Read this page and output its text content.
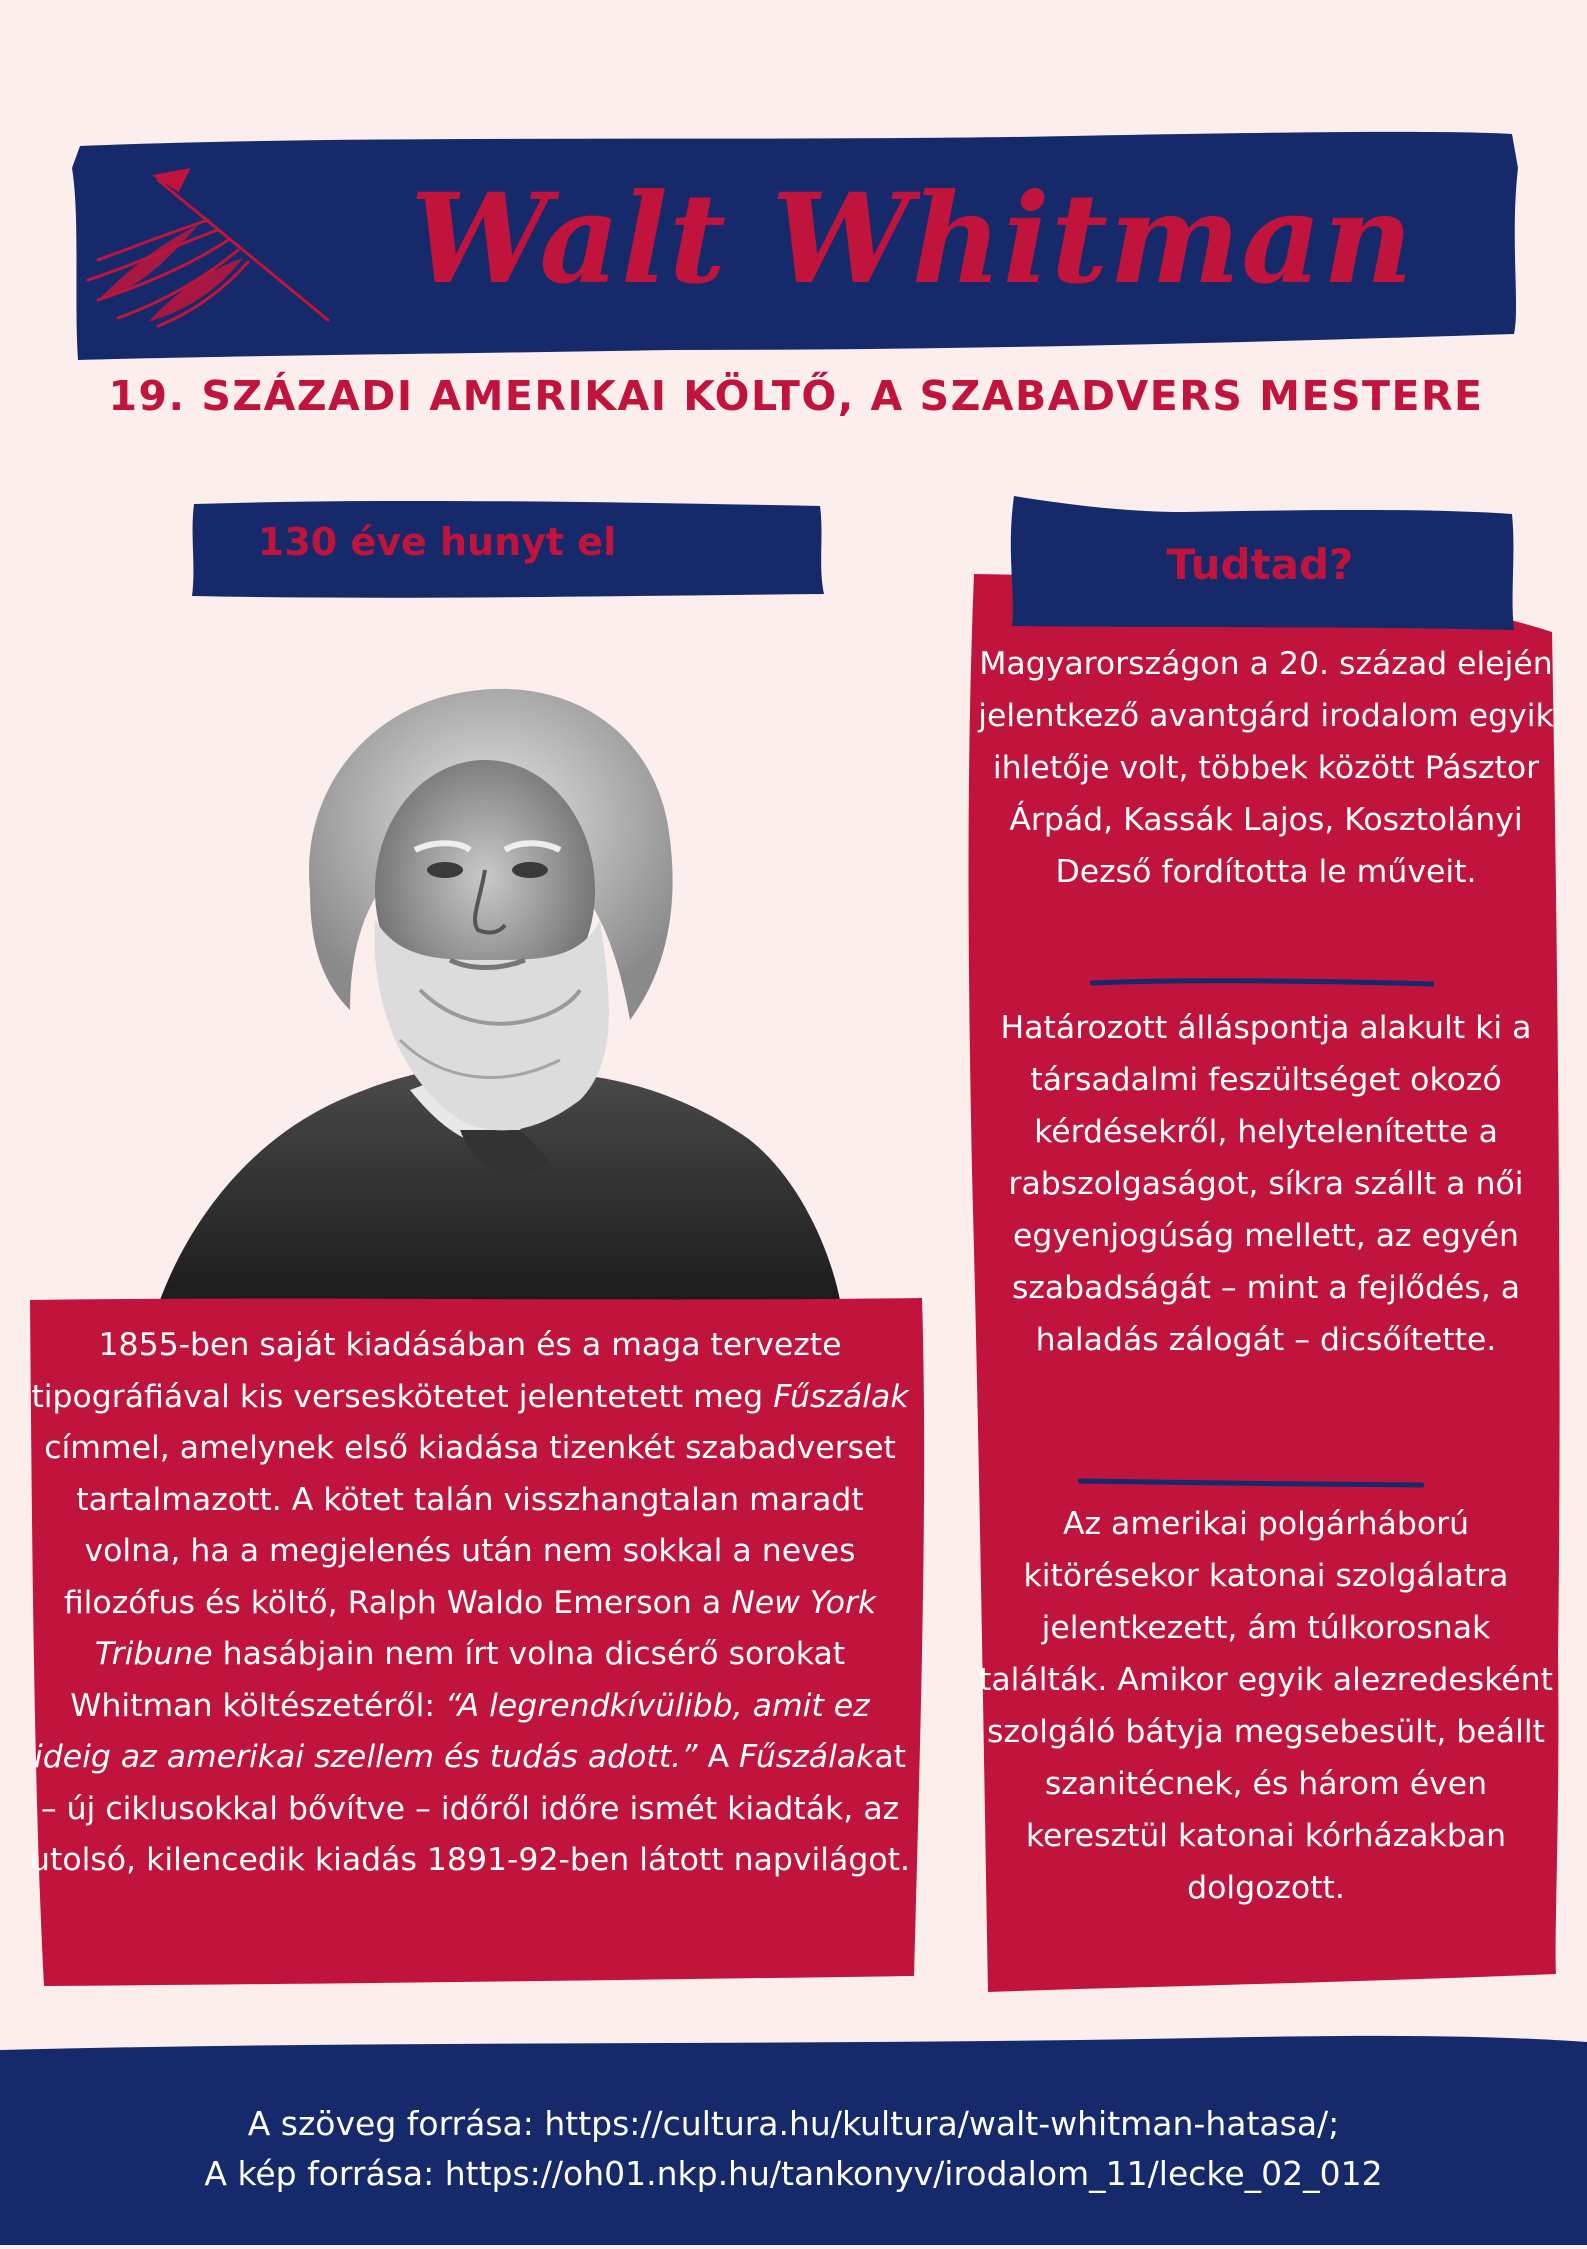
Walt Whitman
19. SZÁZADI AMERIKAI KÖLTŐ, A SZABADVERS MESTERE
130 éve hunyt el	Tudtad?

Magyarországon a 20. század elején jelentkező avantgárd irodalom egyik ihletője volt, többek között Pásztor Árpád, Kassák Lajos, Kosztolányi Dezső fordította le műveit.

Határozott álláspontja alakult ki a társadalmi feszültséget okozó kérdésekről, helytelenítette a rabszolgaságot, síkra szállt a női egyenjogúság mellett, az egyén szabadságát – mint a fejlődés, a haladás zálogát – dicsőítette.

Az amerikai polgárháború kitörésekor katonai szolgálatra jelentkezett, ám túlkorosnak találták. Amikor egyik alezredesként szolgáló bátyja megsebesült, beállt szanitécnek, és három éven keresztül katonai kórházakban dolgozott.

1855-ben saját kiadásában és a maga tervezte tipográfiával kis verseskötetet jelentetett meg Fűszálak címmel, amelynek első kiadása tizenkét szabadverset tartalmazott. A kötet talán visszhangtalan maradt volna, ha a megjelenés után nem sokkal a neves filozófus és költő, Ralph Waldo Emerson a New York Tribune hasábjain nem írt volna dicsérő sorokat Whitman költészetéről: “A legrendkívülibb, amit ez ideig az amerikai szellem és tudás adott.” A Fűszálakat – új ciklusokkal bővítve – időről időre ismét kiadták, az utolsó, kilencedik kiadás 1891-92-ben látott napvilágot.

A szöveg forrása: https://cultura.hu/kultura/walt-whitman-hatasa/;
A kép forrása: https://oh01.nkp.hu/tankonyv/irodalom_11/lecke_02_012
